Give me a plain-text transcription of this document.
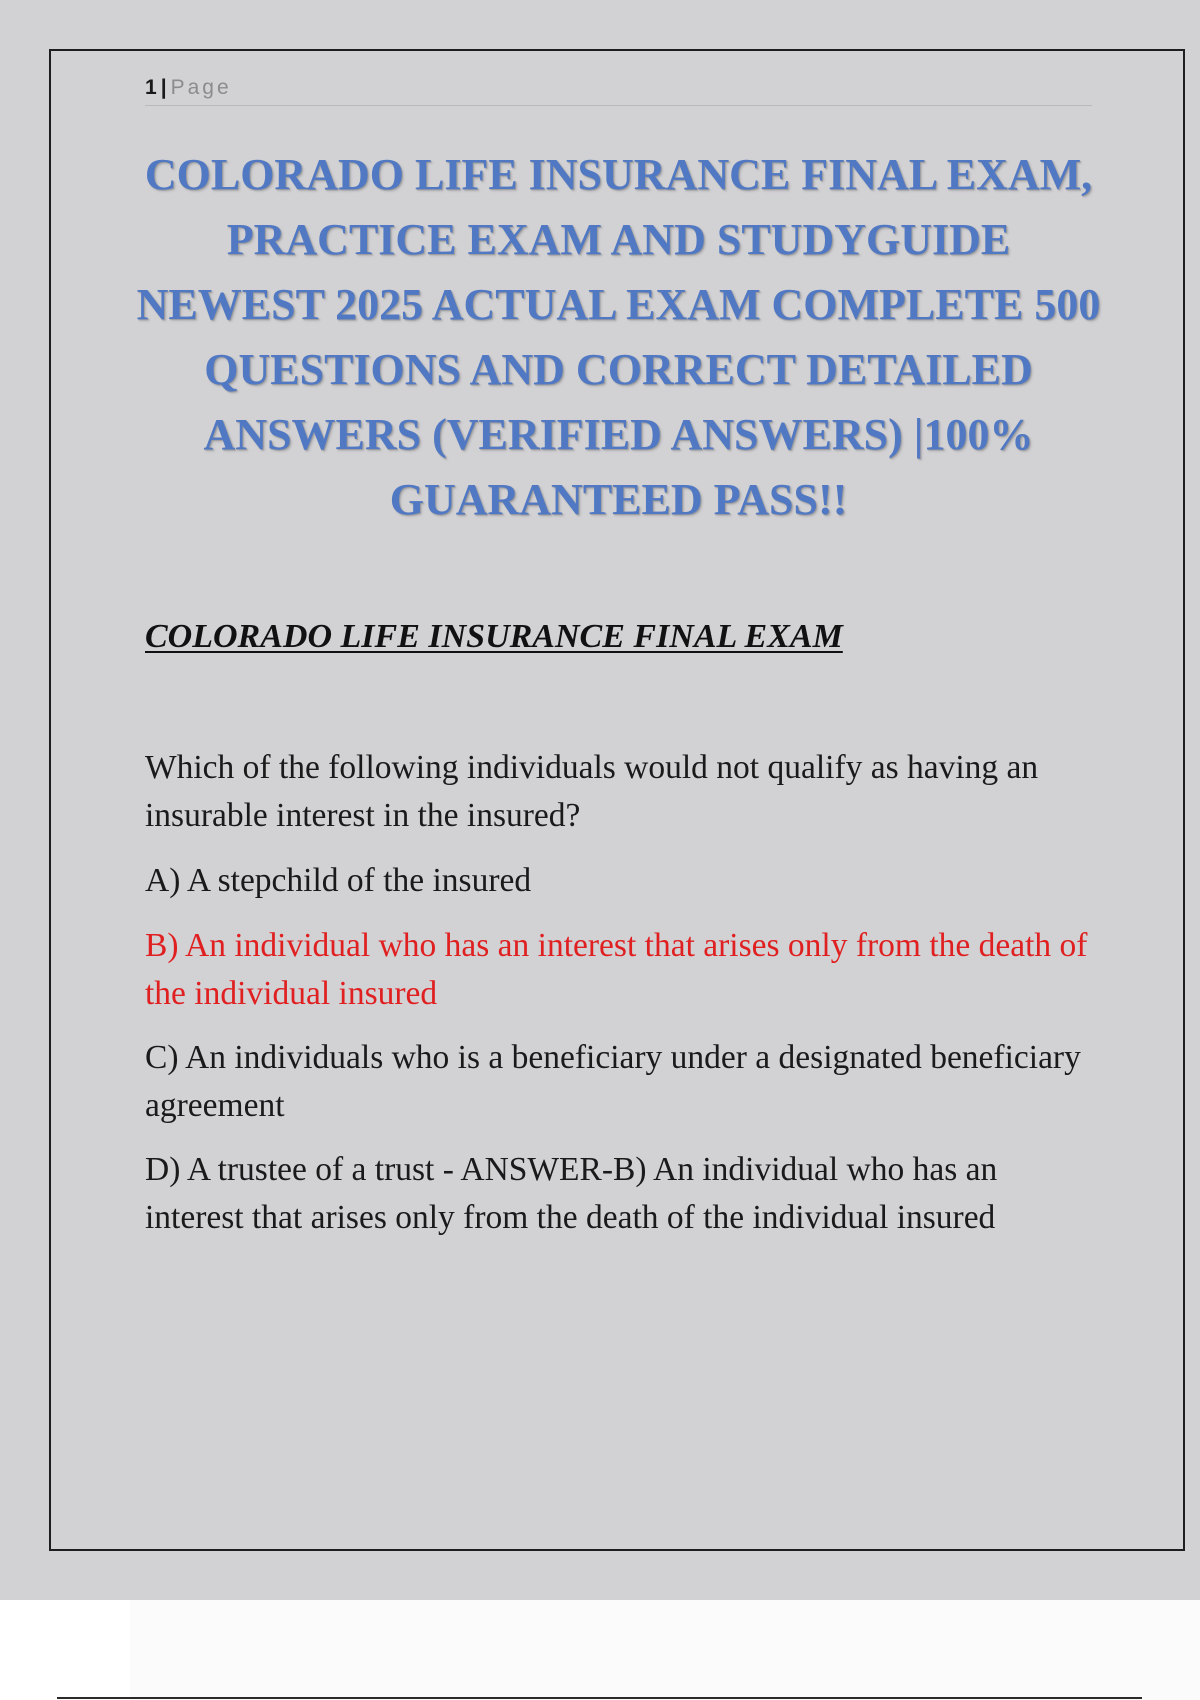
1 | Page
COLORADO LIFE INSURANCE FINAL EXAM, PRACTICE EXAM AND STUDYGUIDE NEWEST 2025 ACTUAL EXAM COMPLETE 500 QUESTIONS AND CORRECT DETAILED ANSWERS (VERIFIED ANSWERS) |100% GUARANTEED PASS!!
COLORADO LIFE INSURANCE FINAL EXAM

Which of the following individuals would not qualify as having an insurable interest in the insured?

A) A stepchild of the insured

B) An individual who has an interest that arises only from the death of the individual insured

C) An individuals who is a beneficiary under a designated beneficiary agreement

D) A trustee of a trust - ANSWER-B) An individual who has an interest that arises only from the death of the individual insured
